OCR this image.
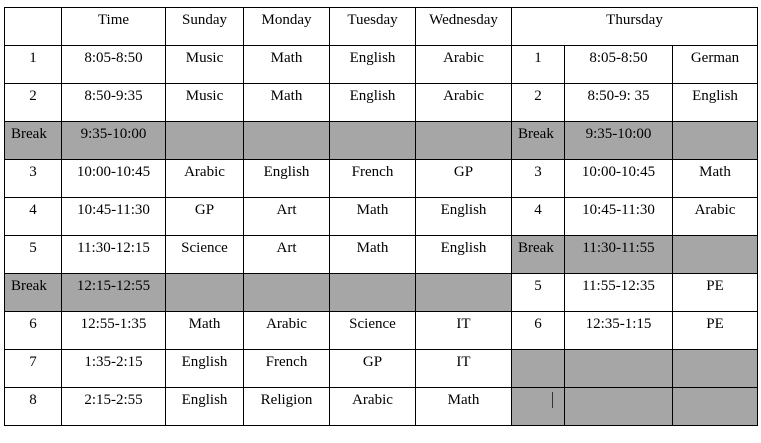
	Time	Sunday	Monday	Tuesday	Wednesday	Thursday		
1	8:05-8:50	Music	Math	English	Arabic	1	8:05-8:50	German
2	8:50-9:35	Music	Math	English	Arabic	2	8:50-9: 35	English
Break	9:35-10:00					Break	9:35-10:00	
3	10:00-10:45	Arabic	English	French	GP	3	10:00-10:45	Math
4	10:45-11:30	GP	Art	Math	English	4	10:45-11:30	Arabic
5	11:30-12:15	Science	Art	Math	English	Break	11:30-11:55	
Break	12:15-12:55					5	11:55-12:35	PE
6	12:55-1:35	Math	Arabic	Science	IT	6	12:35-1:15	PE
7	1:35-2:15	English	French	GP	IT			
8	2:15-2:55	English	Religion	Arabic	Math			
